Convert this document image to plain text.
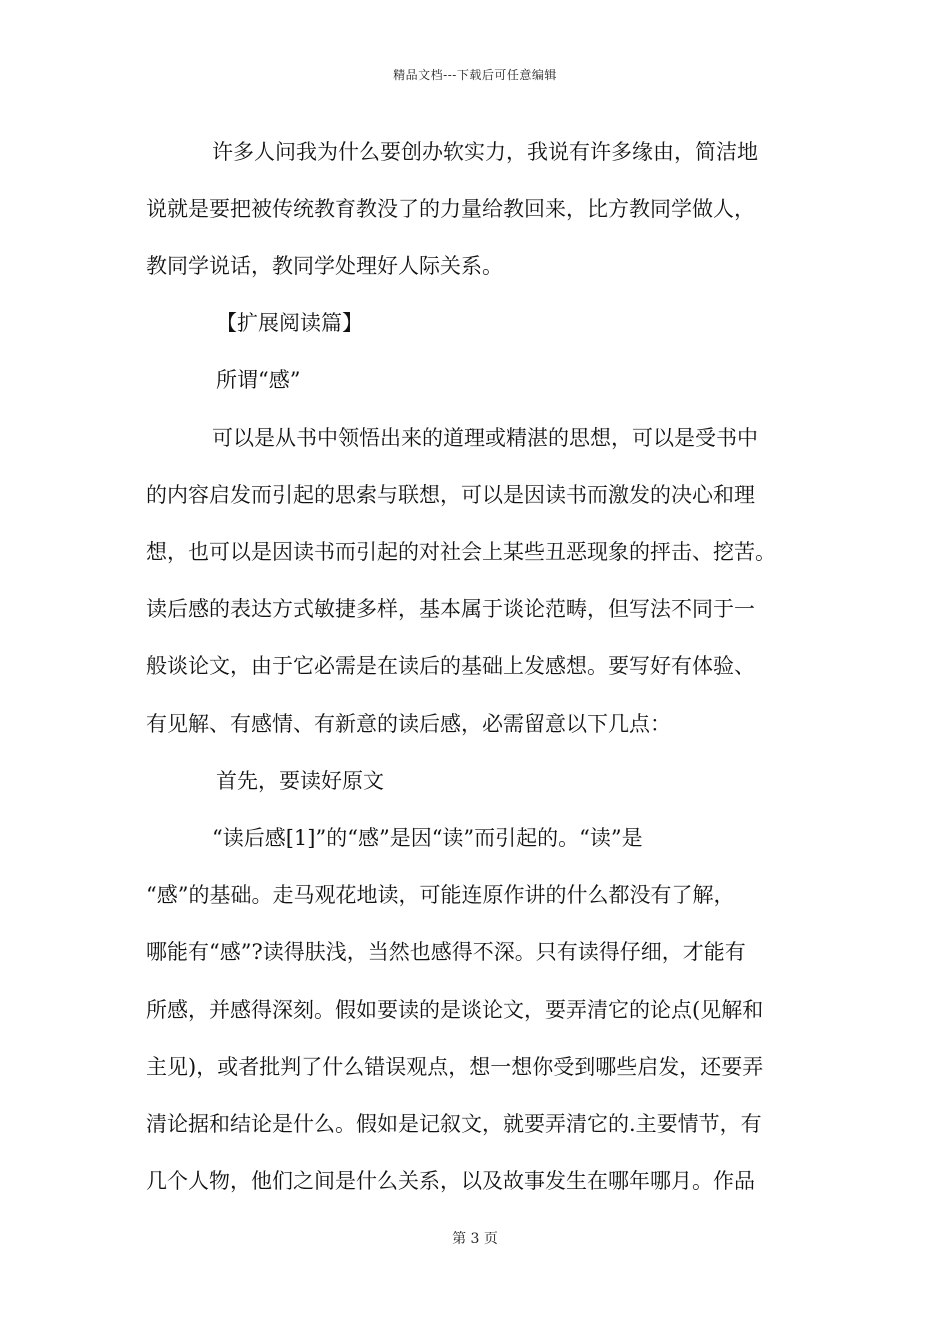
精品文档---下载后可任意编辑
许多人问我为什么要创办软实力，我说有许多缘由，简洁地
说就是要把被传统教育教没了的力量给教回来，比方教同学做人，
教同学说话，教同学处理好人际关系。
【扩展阅读篇】
所谓“感”
可以是从书中领悟出来的道理或精湛的思想，可以是受书中
的内容启发而引起的思索与联想，可以是因读书而激发的决心和理
想，也可以是因读书而引起的对社会上某些丑恶现象的抨击、挖苦。
读后感的表达方式敏捷多样，基本属于谈论范畴，但写法不同于一
般谈论文，由于它必需是在读后的基础上发感想。要写好有体验、
有见解、有感情、有新意的读后感，必需留意以下几点：
首先，要读好原文
“读后感[1]”的“感”是因“读”而引起的。“读”是
“感”的基础。走马观花地读，可能连原作讲的什么都没有了解，
哪能有“感”?读得肤浅，当然也感得不深。只有读得仔细，才能有
所感，并感得深刻。假如要读的是谈论文，要弄清它的论点(见解和
主见)，或者批判了什么错误观点，想一想你受到哪些启发，还要弄
清论据和结论是什么。假如是记叙文，就要弄清它的.主要情节，有
几个人物，他们之间是什么关系，以及故事发生在哪年哪月。作品
第 3 页
